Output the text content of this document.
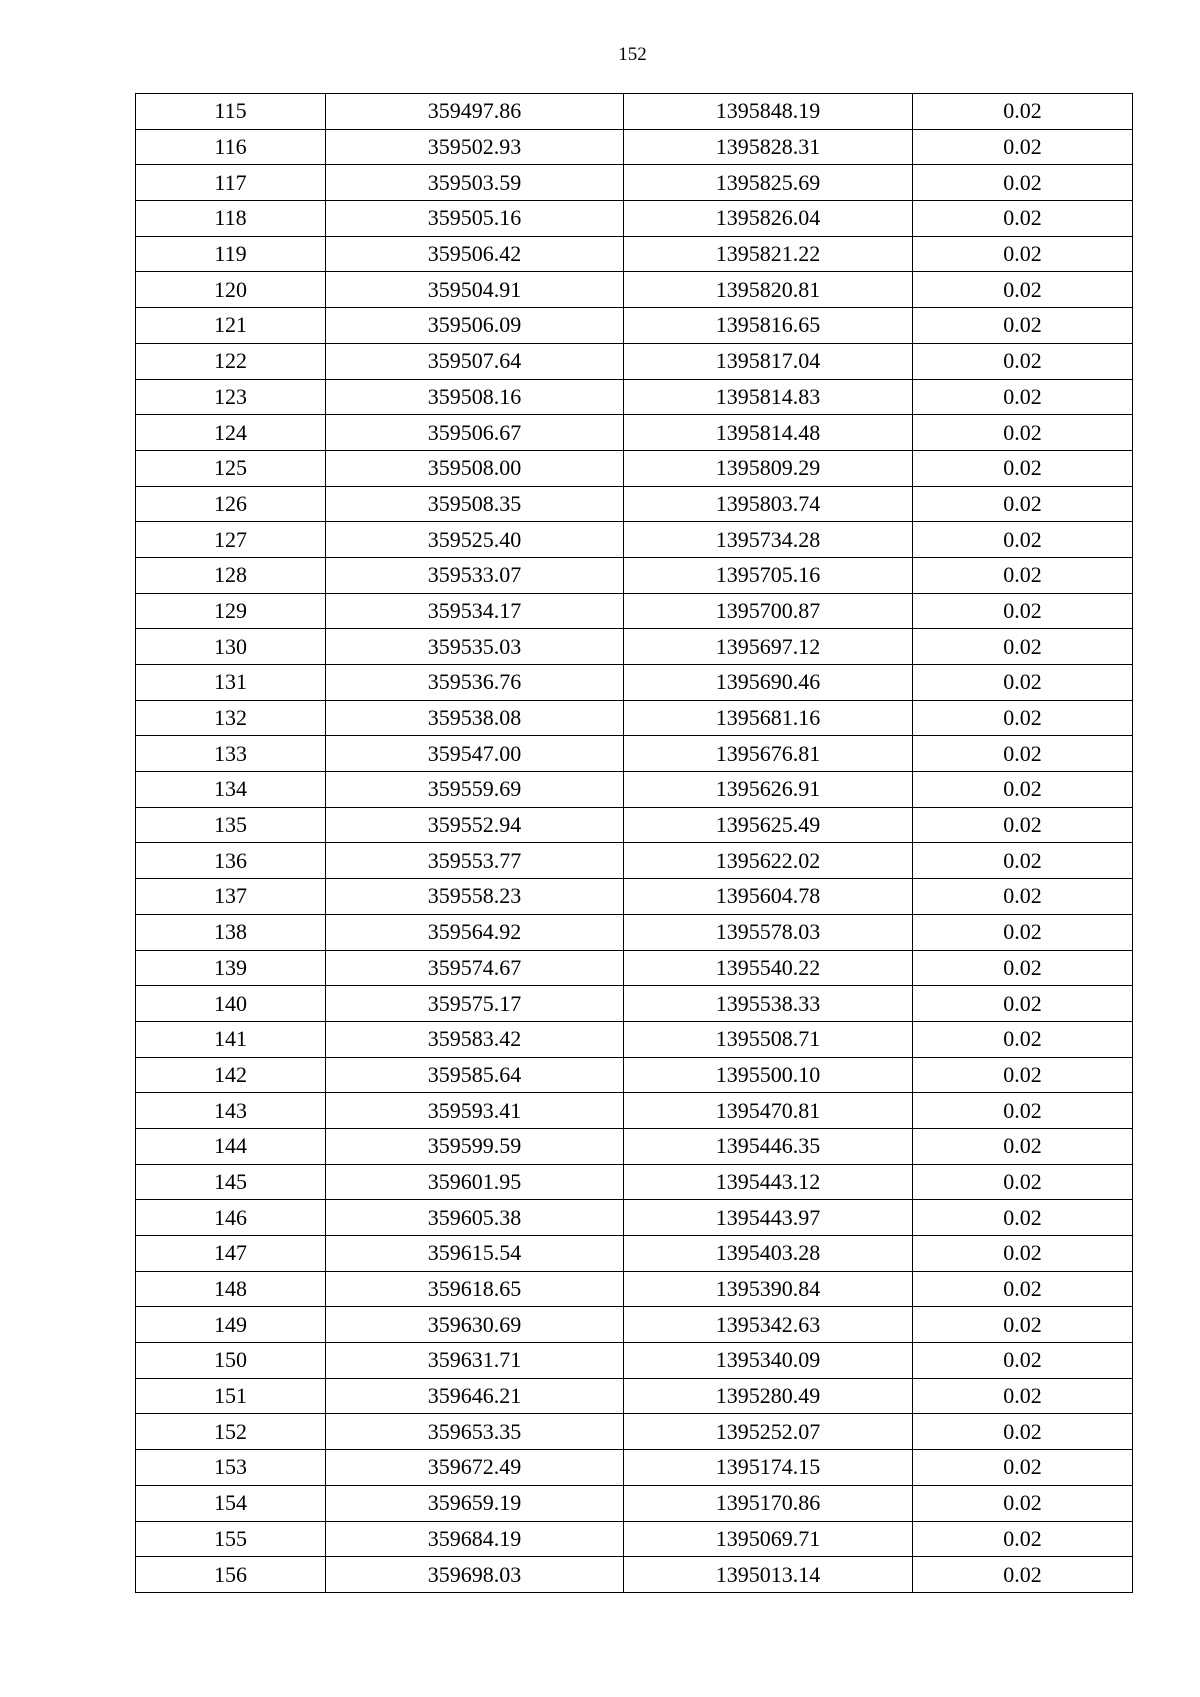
152
115	359497.86	1395848.19	0.02
116	359502.93	1395828.31	0.02
117	359503.59	1395825.69	0.02
118	359505.16	1395826.04	0.02
119	359506.42	1395821.22	0.02
120	359504.91	1395820.81	0.02
121	359506.09	1395816.65	0.02
122	359507.64	1395817.04	0.02
123	359508.16	1395814.83	0.02
124	359506.67	1395814.48	0.02
125	359508.00	1395809.29	0.02
126	359508.35	1395803.74	0.02
127	359525.40	1395734.28	0.02
128	359533.07	1395705.16	0.02
129	359534.17	1395700.87	0.02
130	359535.03	1395697.12	0.02
131	359536.76	1395690.46	0.02
132	359538.08	1395681.16	0.02
133	359547.00	1395676.81	0.02
134	359559.69	1395626.91	0.02
135	359552.94	1395625.49	0.02
136	359553.77	1395622.02	0.02
137	359558.23	1395604.78	0.02
138	359564.92	1395578.03	0.02
139	359574.67	1395540.22	0.02
140	359575.17	1395538.33	0.02
141	359583.42	1395508.71	0.02
142	359585.64	1395500.10	0.02
143	359593.41	1395470.81	0.02
144	359599.59	1395446.35	0.02
145	359601.95	1395443.12	0.02
146	359605.38	1395443.97	0.02
147	359615.54	1395403.28	0.02
148	359618.65	1395390.84	0.02
149	359630.69	1395342.63	0.02
150	359631.71	1395340.09	0.02
151	359646.21	1395280.49	0.02
152	359653.35	1395252.07	0.02
153	359672.49	1395174.15	0.02
154	359659.19	1395170.86	0.02
155	359684.19	1395069.71	0.02
156	359698.03	1395013.14	0.02
